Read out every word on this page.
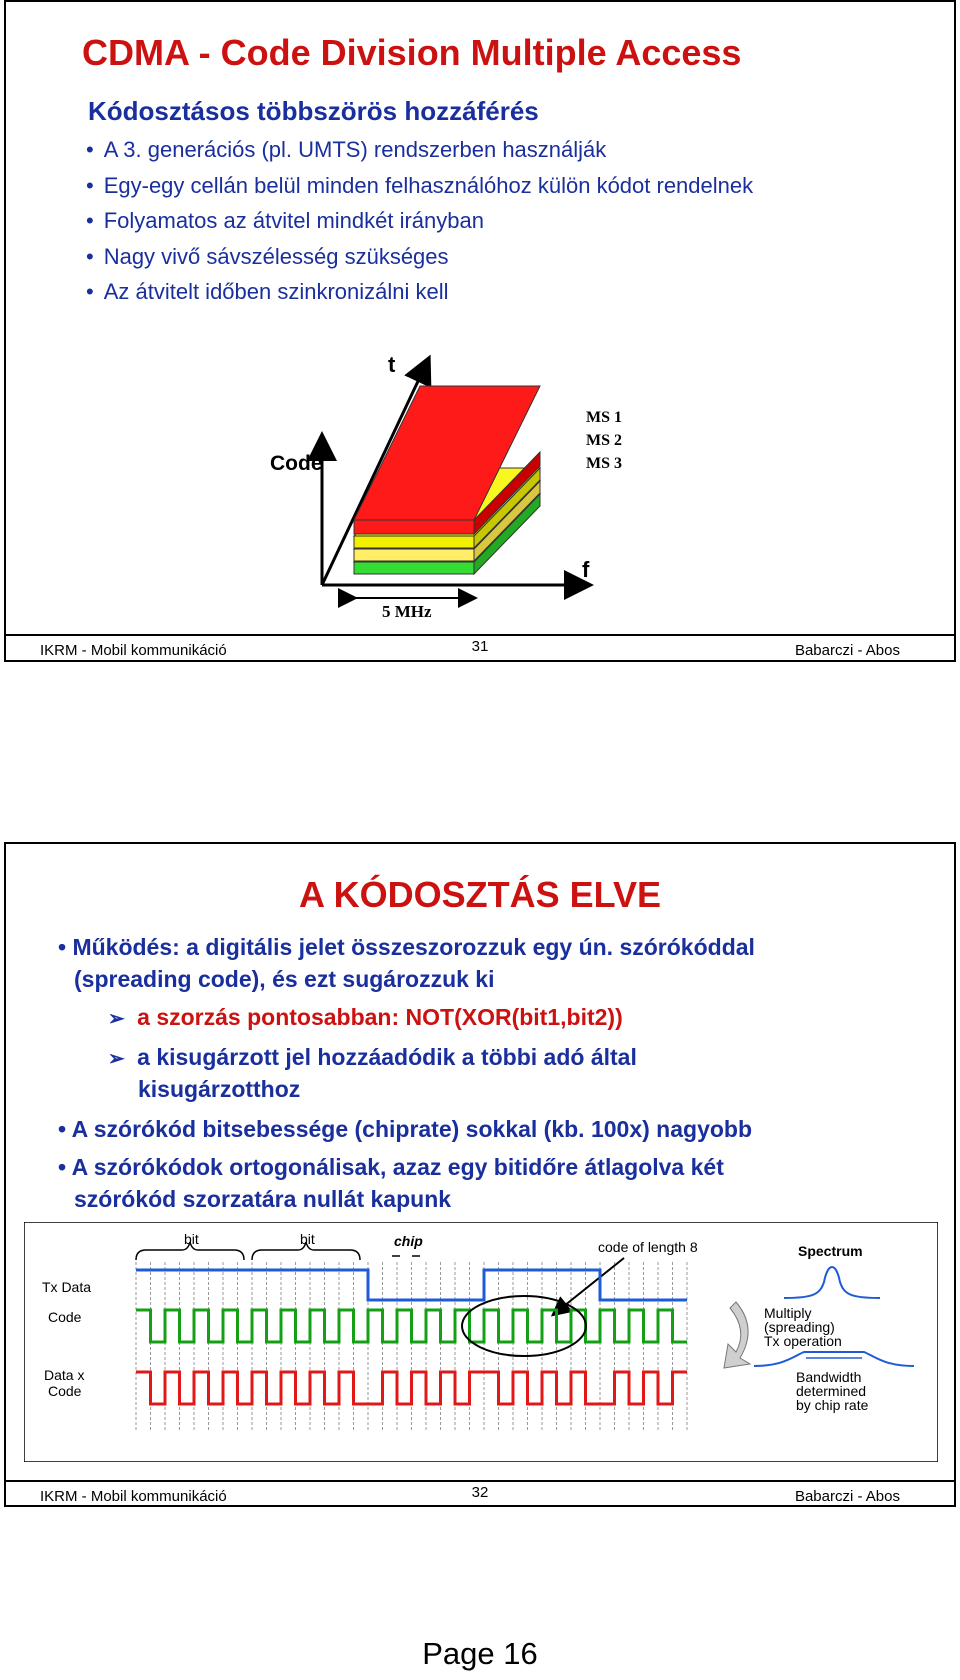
CDMA - Code Division Multiple Access
Kódosztásos többszörös hozzáférés
• A 3. generációs (pl. UMTS) rendszerben használják
• Egy-egy cellán belül minden felhasználóhoz külön kódot rendelnek
• Folyamatos az átvitel mindkét irányban
• Nagy vivő sávszélesség szükséges
• Az átvitelt időben szinkronizálni kell
t
Code
f
MS 1
MS 2
MS 3
5 MHz
IKRM - Mobil kommunikáció	31	Babarczi - Abos
A KÓDOSZTÁS ELVE
• Működés: a digitális jelet összeszorozzuk egy ún. szórókóddal
(spreading code), és ezt sugározzuk ki
➢ a szorzás pontosabban: NOT(XOR(bit1,bit2))
➢ a kisugárzott jel hozzáadódik a többi adó által
kisugárzotthoz
• A szórókód bitsebessége (chiprate) sokkal (kb. 100x) nagyobb
• A szórókódok ortogonálisak, azaz egy bitidőre átlagolva két
szórókód szorzatára nullát kapunk
bit	bit	chip	code of length 8
Tx Data
Code
Data x
Code
Spectrum
Multiply
(spreading)
Tx operation
Bandwidth
determined
by chip rate
IKRM - Mobil kommunikáció	32	Babarczi - Abos
Page 16
